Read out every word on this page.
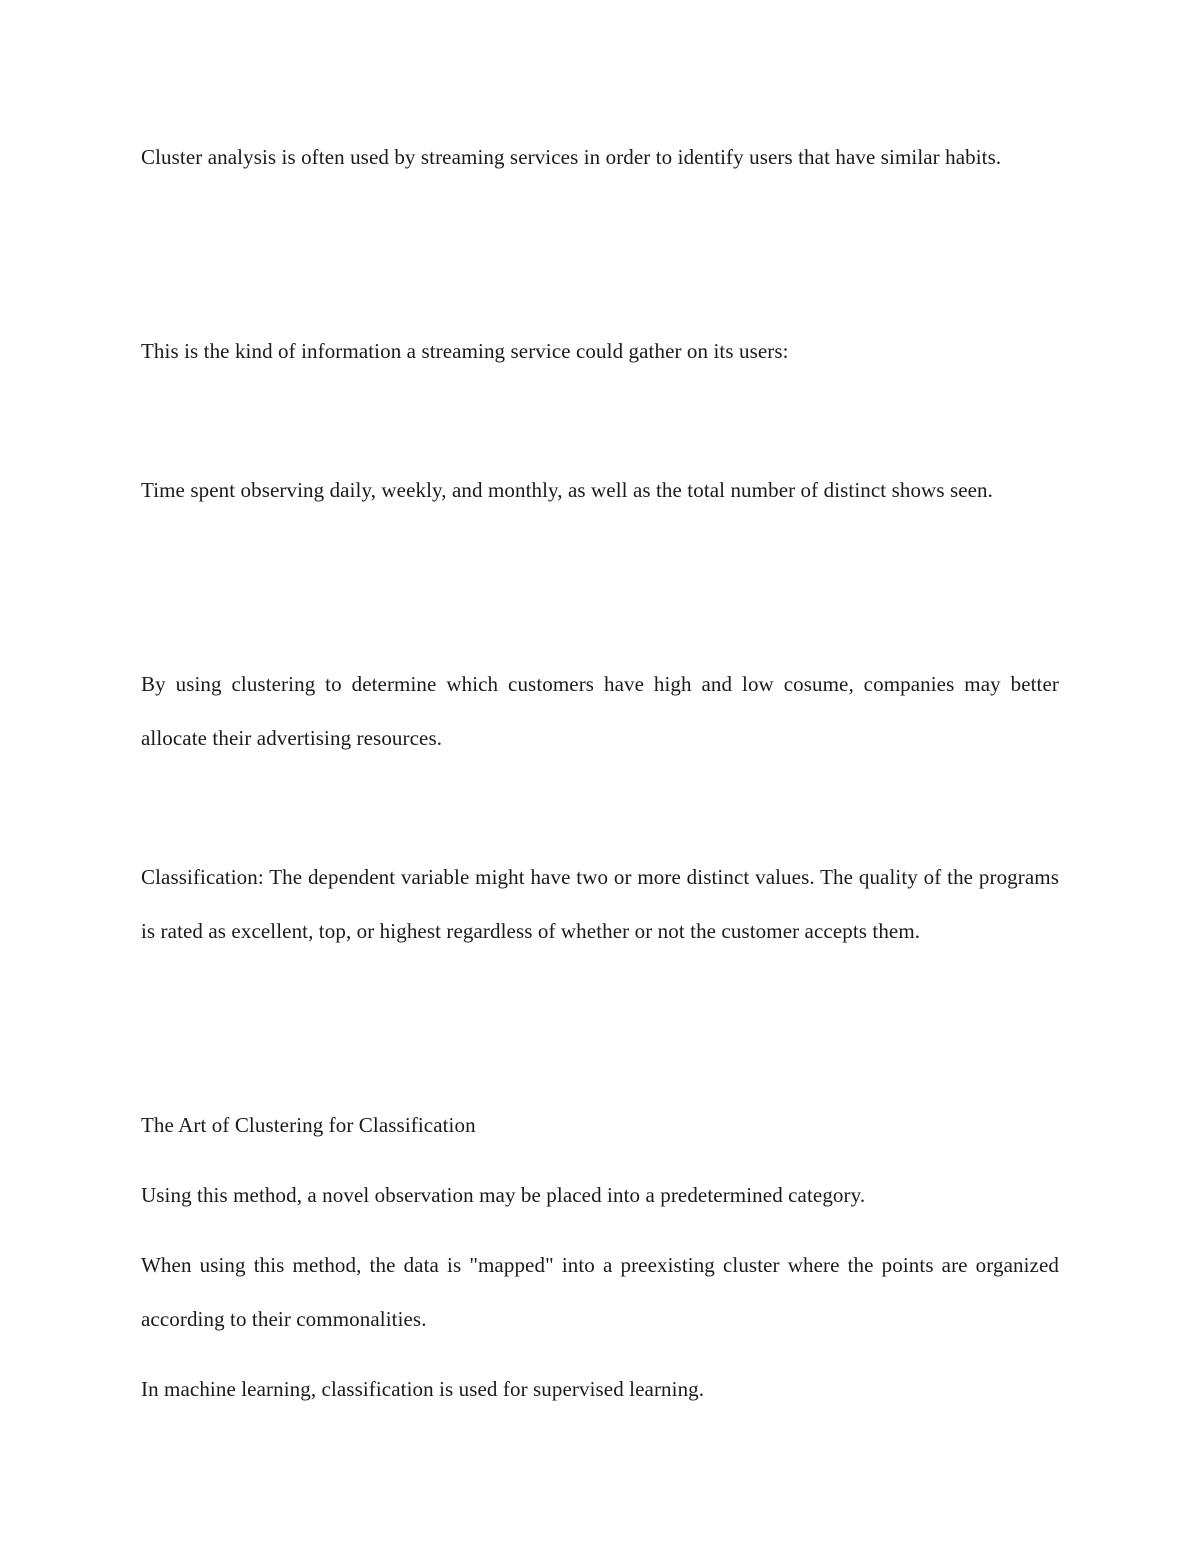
Cluster analysis is often used by streaming services in order to identify users that have similar habits.

This is the kind of information a streaming service could gather on its users:

Time spent observing daily, weekly, and monthly, as well as the total number of distinct shows seen.

By using clustering to determine which customers have high and low cosume, companies may better allocate their advertising resources.

Classification: The dependent variable might have two or more distinct values. The quality of the programs is rated as excellent, top, or highest regardless of whether or not the customer accepts them.

The Art of Clustering for Classification

Using this method, a novel observation may be placed into a predetermined category.

When using this method, the data is "mapped" into a preexisting cluster where the points are organized according to their commonalities.

In machine learning, classification is used for supervised learning.
